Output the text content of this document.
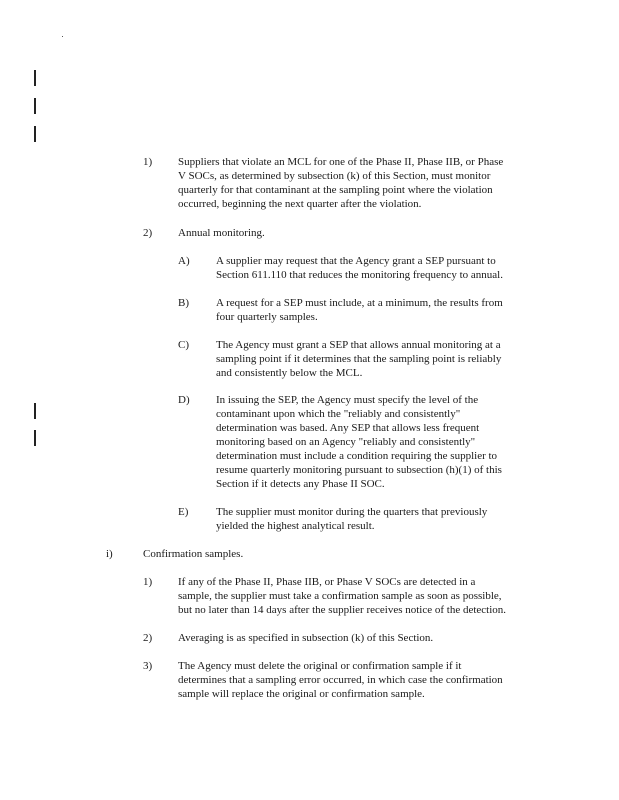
1) Suppliers that violate an MCL for one of the Phase II, Phase IIB, or Phase
V SOCs, as determined by subsection (k) of this Section, must monitor
quarterly for that contaminant at the sampling point where the violation
occurred, beginning the next quarter after the violation.
2) Annual monitoring.
A) A supplier may request that the Agency grant a SEP pursuant to
Section 611.110 that reduces the monitoring frequency to annual.
B) A request for a SEP must include, at a minimum, the results from
four quarterly samples.
C) The Agency must grant a SEP that allows annual monitoring at a
sampling point if it determines that the sampling point is reliably
and consistently below the MCL.
D) In issuing the SEP, the Agency must specify the level of the
contaminant upon which the "reliably and consistently"
determination was based. Any SEP that allows less frequent
monitoring based on an Agency "reliably and consistently"
determination must include a condition requiring the supplier to
resume quarterly monitoring pursuant to subsection (h)(1) of this
Section if it detects any Phase II SOC.
E)	The supplier must monitor during the quarters that previously
yielded the highest analytical result.
i)	Confirmation samples.
1) If any of the Phase II, Phase IIB, or Phase V SOCs are detected in a
sample, the supplier must take a confirmation sample as soon as possible,
but no later than 14 days after the supplier receives notice of the detection.
2) Averaging is as specified in subsection (k) of this Section.
3) The Agency must delete the original or confirmation sample if it
determines that a sampling error occurred, in which case the confirmation
sample will replace the original or confirmation sample.
